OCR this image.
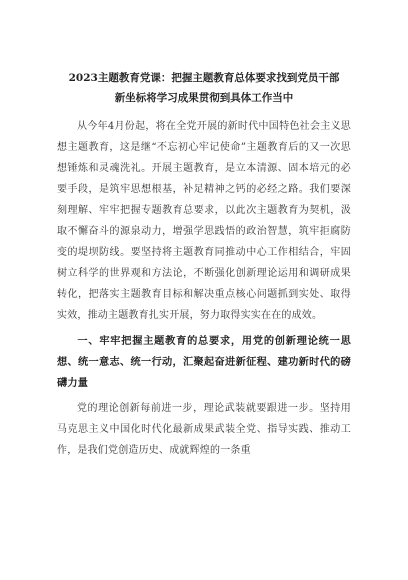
2023主题教育党课：把握主题教育总体要求找到党员干部
新坐标将学习成果贯彻到具体工作当中

从今年4月份起，将在全党开展的新时代中国特色社会主义思想主题教育，这是继“不忘初心牢记使命”主题教育后的又一次思想锤炼和灵魂洗礼。开展主题教育，是立本清源、固本培元的必要手段，是筑牢思想根基，补足精神之钙的必经之路。我们要深刻理解、牢牢把握专题教育总要求，以此次主题教育为契机，汲取不懈奋斗的源泉动力，增强学思践悟的政治智慧，筑牢拒腐防变的堤坝防线。要坚持将主题教育同推动中心工作相结合，牢固树立科学的世界观和方法论，不断强化创新理论运用和调研成果转化，把落实主题教育目标和解决重点核心问题抓到实处、取得实效，推动主题教育扎实开展，努力取得实实在在的成效。

一、牢牢把握主题教育的总要求，用党的创新理论统一思想、统一意志、统一行动，汇聚起奋进新征程、建功新时代的磅礴力量

党的理论创新每前进一步，理论武装就要跟进一步。坚持用马克思主义中国化时代化最新成果武装全党、指导实践、推动工作，是我们党创造历史、成就辉煌的一条重
